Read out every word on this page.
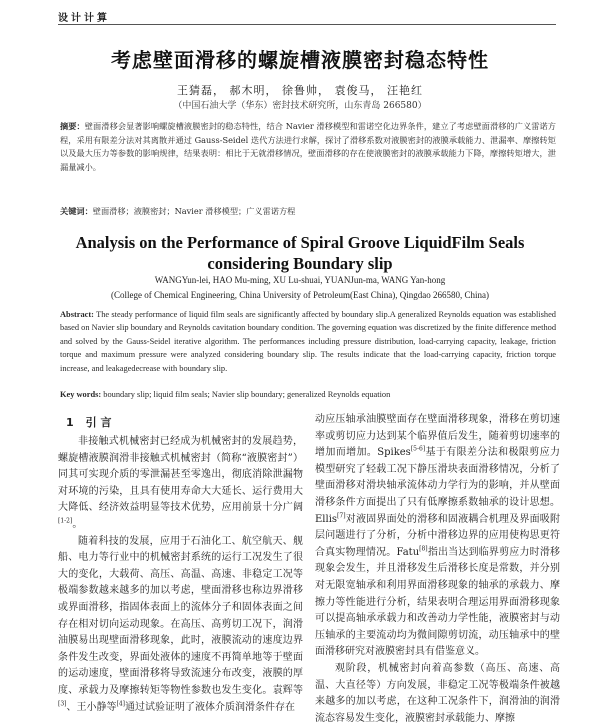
设计计算
考虑壁面滑移的螺旋槽液膜密封稳态特性
王猜磊， 郝木明， 徐鲁帅， 袁俊马， 汪艳红
（中国石油大学（华东）密封技术研究所，山东青岛 266580）
摘要：壁面滑移会显著影响螺旋槽液膜密封的稳态特性，结合 Navier 滑移模型和雷诺空化边界条件，建立了考虑壁面滑移的广义雷诺方程，采用有限差分法对其离散并通过 Gauss-Seidel 迭代方法进行求解，探讨了滑移系数对液膜密封的液膜承载能力、泄漏率、摩擦转矩以及最大压力等参数的影响规律，结果表明：相比于无就滑移情况，壁面滑移的存在使液膜密封的液膜承载能力下降，摩擦转矩增大，泄漏量减小。
关键词：壁面滑移；液膜密封；Navier 滑移模型；广义雷诺方程
Analysis on the Performance of Spiral Groove LiquidFilm Seals
considering Boundary slip
WANGYun-lei, HAO Mu-ming, XU Lu-shuai, YUANJun-ma, WANG Yan-hong
(College of Chemical Engineering, China University of Petroleum(East China), Qingdao 266580, China)
Abstract: The steady performance of liquid film seals are significantly affected by boundary slip.A generalized Reynolds equation was established based on Navier slip boundary and Reynolds cavitation boundary condition. The governing equation was discretized by the finite difference method and solved by the Gauss-Seidel iterative algorithm. The performances including pressure distribution, load-carrying capacity, leakage, friction torque and maximum pressure were analyzed considering boundary slip. The results indicate that the load-carrying capacity, friction torque increase, and leakagedecrease with boundary slip.
Key words: boundary slip; liquid film seals; Navier slip boundary; generalized Reynolds equation
1 引 言

非接触式机械密封已经成为机械密封的发展趋势，螺旋槽液膜润滑非接触式机械密封（简称“液膜密封”）同其可实现介质的零泄漏甚至零逸出，彻底消除泄漏物对环境的污染，且具有使用寿命大大延长、运行费用大大降低、经济效益明显等技术优势，应用前景十分广阔[1-2]。

随着科技的发展，应用于石油化工、航空航天、舰船、电力等行业中的机械密封系统的运行工况发生了很大的变化，大载荷、高压、高温、高速、非稳定工况等极端参数越来越多的加以考虑，壁面滑移也称边界滑移或界面滑移，指固体表面上的流体分子和固体表面之间存在相对切向运动现象。在高压、高剪切工况下，润滑油膜易出现壁面滑移现象，此时，液膜流动的速度边界条件发生改变，界面处液体的速度不再简单地等于壁面的运动速度，壁面滑移将导致流速分布改变，液膜的厚度、承载力及摩擦转矩等物性参数也发生变化。袁辉等[3]、王小静等[4]通过试验证明了液体介质润滑条件存在

动应压轴承油膜壁面存在壁面滑移现象，滑移在剪切速率或剪切应力达到某个临界值后发生，随着剪切速率的增加而增加。Spikes[5-6]基于有限差分法和极限剪应力模型研究了轻载工况下静压滑块表面滑移情况，分析了壁面滑移对滑块轴承流体动力学行为的影响，并从壁面滑移条件方面提出了只有低摩擦系数轴承的设计思想。Ellis[7]对液固界面处的滑移和固液耦合机理及界面吸附层问题进行了分析，分析中滑移边界的应用使构思更符合真实物理情况。Fatu[8]指出当达到临界剪应力时滑移现象会发生，并且滑移发生后滑移长度是常数，并分别对无限宽轴承和利用界面滑移现象的轴承的承载力、摩擦力等性能进行分析，结果表明合理运用界面滑移现象可以提高轴承承载力和改善动力学性能，液膜密封与动压轴承的主要流动均为微间隙剪切流，动压轴承中的壁面滑移研究对液膜密封具有借鉴意义。

观阶段，机械密封向着高参数（高压、高速、高温、大直径等）方向发展，非稳定工况等极端条件被越来越多的加以考虑，在这种工况条件下，润滑油的润滑流态容易发生变化，液膜密封承载能力、摩擦
